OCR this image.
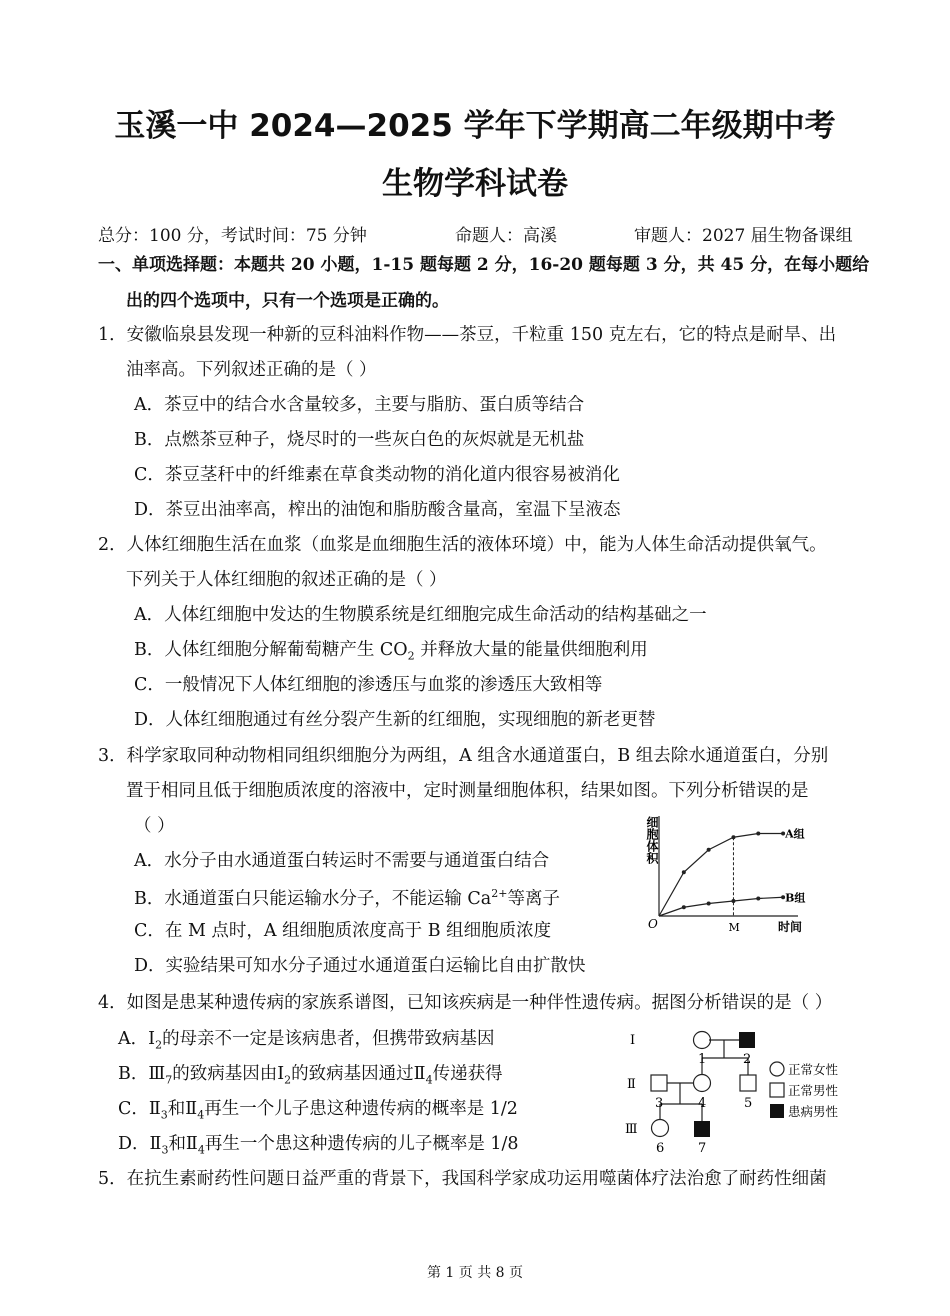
玉溪一中 2024—2025 学年下学期高二年级期中考
生物学科试卷
总分：100 分，考试时间：75 分钟	命题人：高溪	审题人：2027 届生物备课组
一、单项选择题：本题共 20 小题，1-15 题每题 2 分，16-20 题每题 3 分，共 45 分，在每小题给
出的四个选项中，只有一个选项是正确的。
1．安徽临泉县发现一种新的豆科油料作物——茶豆，千粒重 150 克左右，它的特点是耐旱、出
油率高。下列叙述正确的是（ ）
A．茶豆中的结合水含量较多，主要与脂肪、蛋白质等结合
B．点燃茶豆种子，烧尽时的一些灰白色的灰烬就是无机盐
C．茶豆茎秆中的纤维素在草食类动物的消化道内很容易被消化
D．茶豆出油率高，榨出的油饱和脂肪酸含量高，室温下呈液态
2．人体红细胞生活在血浆（血浆是血细胞生活的液体环境）中，能为人体生命活动提供氧气。
下列关于人体红细胞的叙述正确的是（ ）
A．人体红细胞中发达的生物膜系统是红细胞完成生命活动的结构基础之一
B．人体红细胞分解葡萄糖产生 $CO_2$ 并释放大量的能量供细胞利用
C．一般情况下人体红细胞的渗透压与血浆的渗透压大致相等
D．人体红细胞通过有丝分裂产生新的红细胞，实现细胞的新老更替
3．科学家取同种动物相同组织细胞分为两组，A 组含水通道蛋白，B 组去除水通道蛋白，分别
置于相同且低于细胞质浓度的溶液中，定时测量细胞体积，结果如图。下列分析错误的是
（ ）
A．水分子由水通道蛋白转运时不需要与通道蛋白结合
B．水通道蛋白只能运输水分子，不能运输 $Ca^{2+}$等离子
C．在 M 点时，A 组细胞质浓度高于 B 组细胞质浓度
D．实验结果可知水分子通过水通道蛋白运输比自由扩散快
细胞体积
O	时间
M
A组
B组
4．如图是患某种遗传病的家族系谱图，已知该疾病是一种伴性遗传病。据图分析错误的是（ ）
A．$Ⅰ_2$的母亲不一定是该病患者，但携带致病基因
B．$Ⅲ_7$的致病基因由$Ⅰ_2$的致病基因通过$Ⅱ_4$传递获得
C．$Ⅱ_3$和$Ⅱ_4$再生一个儿子患这种遗传病的概率是 1/2
D．$Ⅱ_3$和$Ⅱ_4$再生一个患这种遗传病的儿子概率是 1/8
Ⅰ
Ⅱ
Ⅲ
1	2
3	4	5
6	7
正常女性
正常男性
患病男性
5．在抗生素耐药性问题日益严重的背景下，我国科学家成功运用噬菌体疗法治愈了耐药性细菌
第 1 页 共 8 页
